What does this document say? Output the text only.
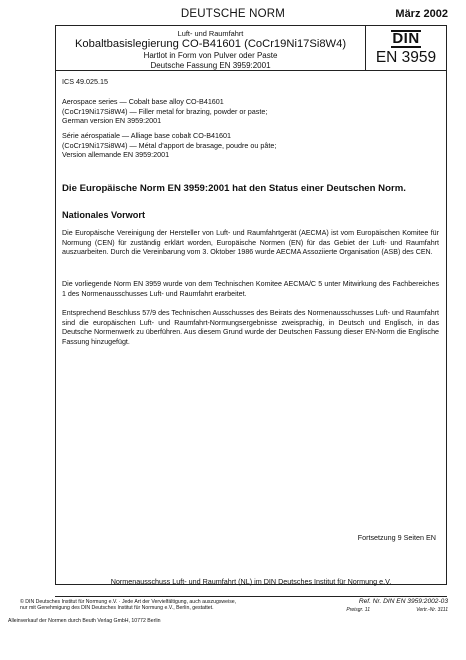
DEUTSCHE NORM	März 2002
Luft- und Raumfahrt
Kobaltbasislegierung CO-B41601 (CoCr19Ni17Si8W4)
Hartlot in Form von Pulver oder Paste
Deutsche Fassung EN 3959:2001
DIN
EN 3959
ICS 49.025.15
Aerospace series — Cobalt base alloy CO-B41601
(CoCr19Ni17Si8W4) — Filler metal for brazing, powder or paste;
German version EN 3959:2001
Série aérospatiale — Alliage base cobalt CO-B41601
(CoCr19Ni17Si8W4) — Métal d'apport de brasage, poudre ou pâte;
Version allemande EN 3959:2001
Die Europäische Norm EN 3959:2001 hat den Status einer Deutschen Norm.
Nationales Vorwort
Die Europäische Vereinigung der Hersteller von Luft- und Raumfahrtgerät (AECMA) ist vom Europäischen Komitee für Normung (CEN) für zuständig erklärt worden, Europäische Normen (EN) für das Gebiet der Luft- und Raumfahrt auszuarbeiten. Durch die Vereinbarung vom 3. Oktober 1986 wurde AECMA Assoziierte Organisation (ASB) des CEN.
Die vorliegende Norm EN 3959 wurde von dem Technischen Komitee AECMA/C 5 unter Mitwirkung des Fachbereiches 1 des Normenausschusses Luft- und Raumfahrt erarbeitet.
Entsprechend Beschluss 57/9 des Technischen Ausschusses des Beirats des Normenausschusses Luft- und Raumfahrt sind die europäischen Luft- und Raumfahrt-Normungsergebnisse zweisprachig, in Deutsch und Englisch, in das Deutsche Normenwerk zu überführen. Aus diesem Grund wurde der Deutschen Fassung dieser EN-Norm die Englische Fassung hinzugefügt.
Fortsetzung 9 Seiten EN
Normenausschuss Luft- und Raumfahrt (NL) im DIN Deutsches Institut für Normung e.V.
© DIN Deutsches Institut für Normung e.V. · Jede Art der Vervielfältigung, auch auszugsweise,
nur mit Genehmigung des DIN Deutsches Institut für Normung e.V., Berlin, gestattet.
Alleinverkauf der Normen durch Beuth Verlag GmbH, 10772 Berlin
Ref. Nr. DIN EN 3959:2002-03
Preisgr. 11	Vertr.-Nr. 3111
